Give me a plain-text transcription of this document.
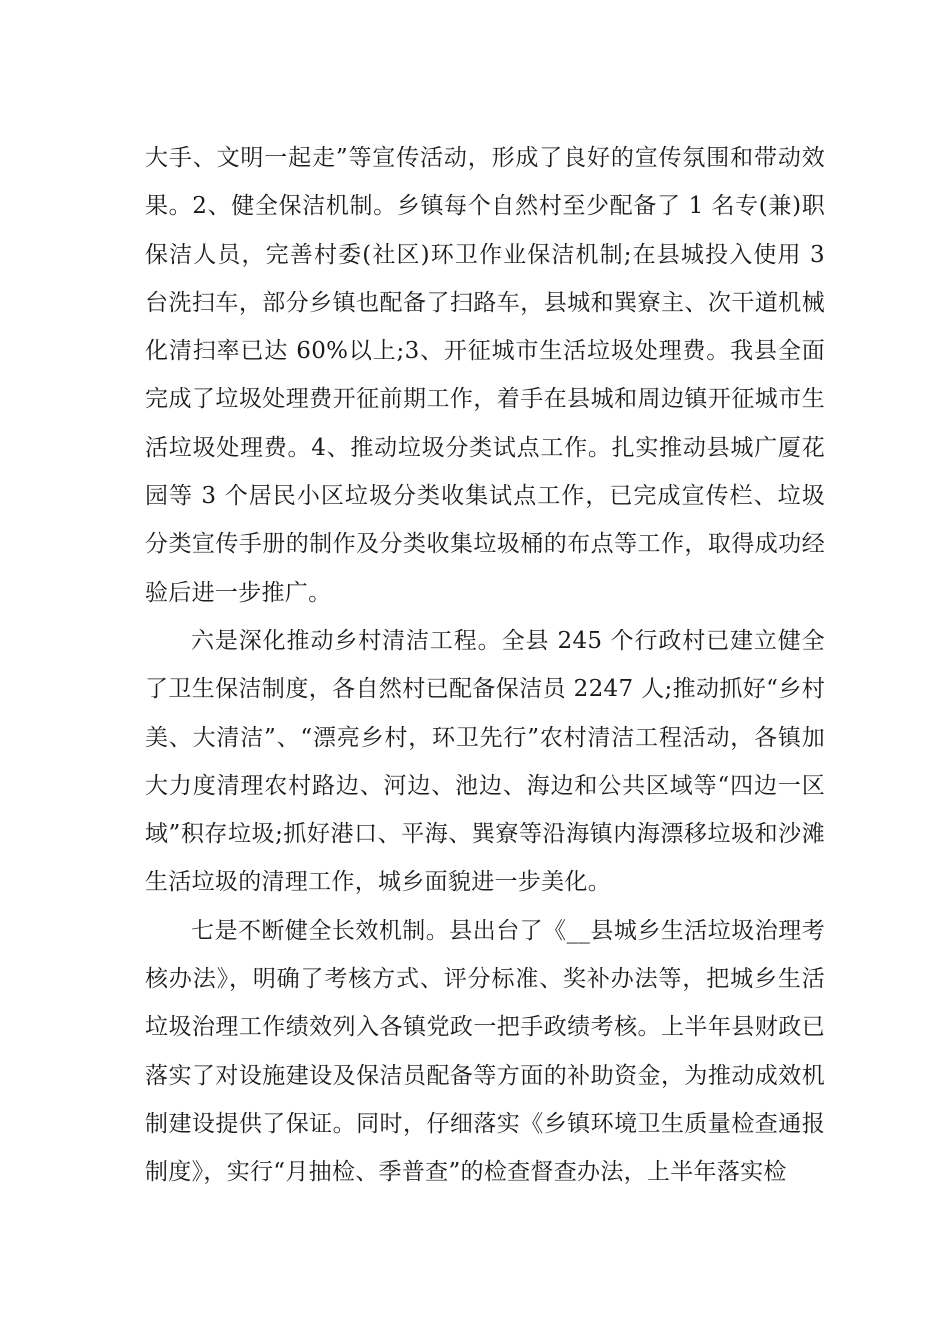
大手、文明一起走”等宣传活动，形成了良好的宣传氛围和带动效果。2、健全保洁机制。乡镇每个自然村至少配备了 1 名专(兼)职保洁人员，完善村委(社区)环卫作业保洁机制;在县城投入使用 3 台洗扫车，部分乡镇也配备了扫路车，县城和巽寮主、次干道机械化清扫率已达 60%以上;3、开征城市生活垃圾处理费。我县全面完成了垃圾处理费开征前期工作，着手在县城和周边镇开征城市生活垃圾处理费。4、推动垃圾分类试点工作。扎实推动县城广厦花园等 3 个居民小区垃圾分类收集试点工作，已完成宣传栏、垃圾分类宣传手册的制作及分类收集垃圾桶的布点等工作，取得成功经验后进一步推广。

六是深化推动乡村清洁工程。全县 245 个行政村已建立健全了卫生保洁制度，各自然村已配备保洁员 2247 人;推动抓好“乡村美、大清洁”、“漂亮乡村，环卫先行”农村清洁工程活动，各镇加大力度清理农村路边、河边、池边、海边和公共区域等“四边一区域”积存垃圾;抓好港口、平海、巽寮等沿海镇内海漂移垃圾和沙滩生活垃圾的清理工作，城乡面貌进一步美化。

七是不断健全长效机制。县出台了《__县城乡生活垃圾治理考核办法》，明确了考核方式、评分标准、奖补办法等，把城乡生活垃圾治理工作绩效列入各镇党政一把手政绩考核。上半年县财政已落实了对设施建设及保洁员配备等方面的补助资金，为推动成效机制建设提供了保证。同时，仔细落实《乡镇环境卫生质量检查通报制度》，实行“月抽检、季普查”的检查督查办法，上半年落实检
